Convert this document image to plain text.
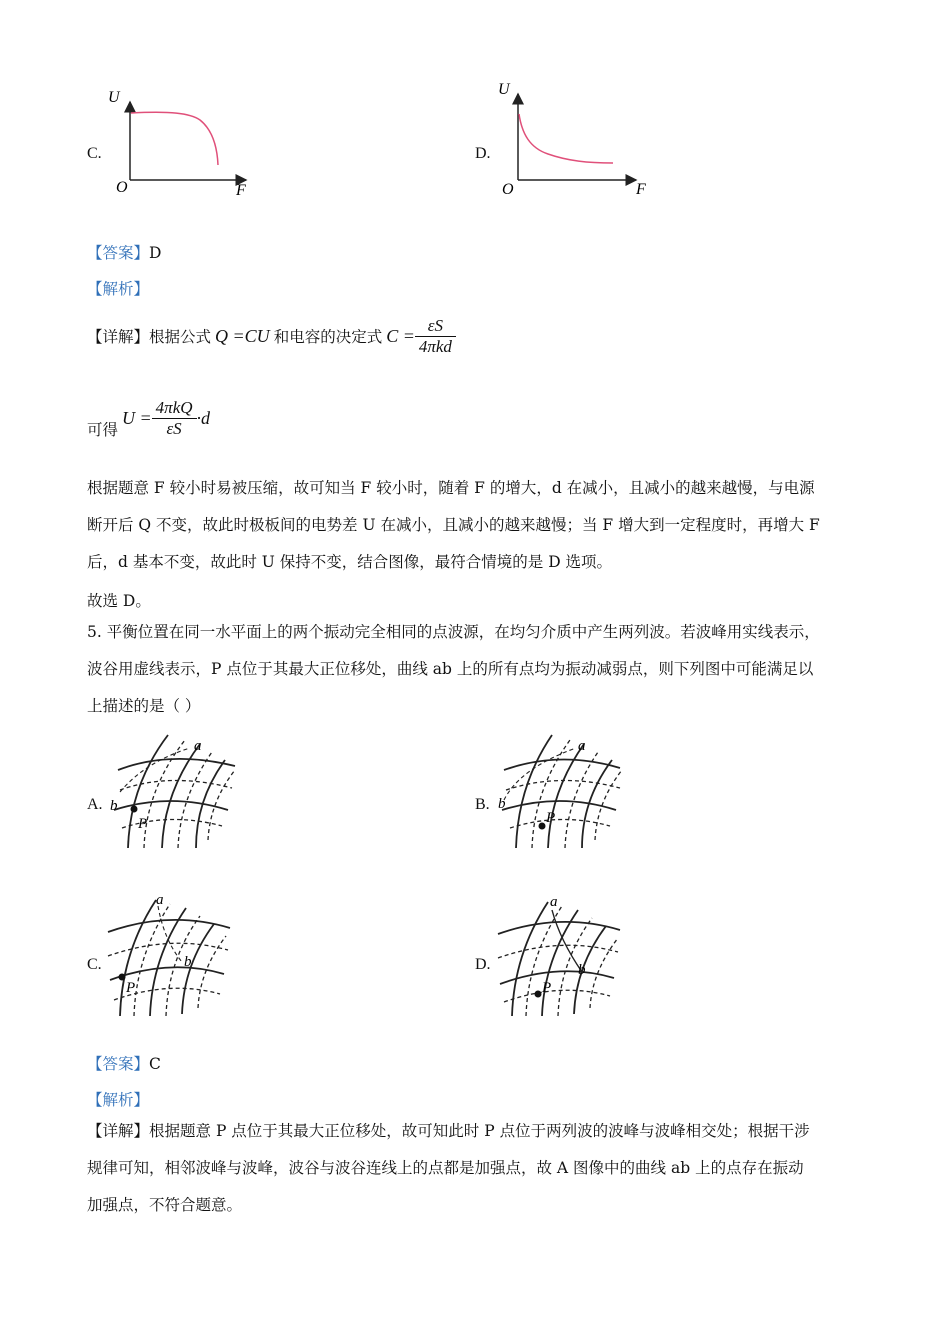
C.
U
O	F
D.
U
O	F
【答案】D
【解析】
【详解】 根据公式 Q =CU 和电容的决定式 $C = \frac{\varepsilon S}{\text{4πkd}}$
可得
$U = \frac{\text{4πkQ}}{\varepsilon S} \cdot d$
根据题意 F 较小时易被压缩，故可知当 F 较小时，随着 F 的增大，d 在减小，且减小的越来越慢，与电源
断开后 Q 不变，故此时极板间的电势差 U 在减小，且减小的越来越慢；当 F 增大到一定程度时，再增大 F
后，d 基本不变，故此时 U 保持不变，结合图像，最符合情境的是 D 选项。
故选 D。
5. 平衡位置在同一水平面上的两个振动完全相同的点波源，在均匀介质中产生两列波。若波峰用实线表示，
波谷用虚线表示，P 点位于其最大正位移处，曲线 ab 上的所有点均为振动减弱点，则下列图中可能满足以
上描述的是（ ）
A.
a
b
P
B.
a
b
P
C.
a
b
P
D.
a
b
P
【答案】C
【解析】
【详解】根据题意 P 点位于其最大正位移处，故可知此时 P 点位于两列波的波峰与波峰相交处；根据干涉
规律可知，相邻波峰与波峰，波谷与波谷连线上的点都是加强点，故 A 图像中的曲线 ab 上的点存在振动
加强点，不符合题意。
